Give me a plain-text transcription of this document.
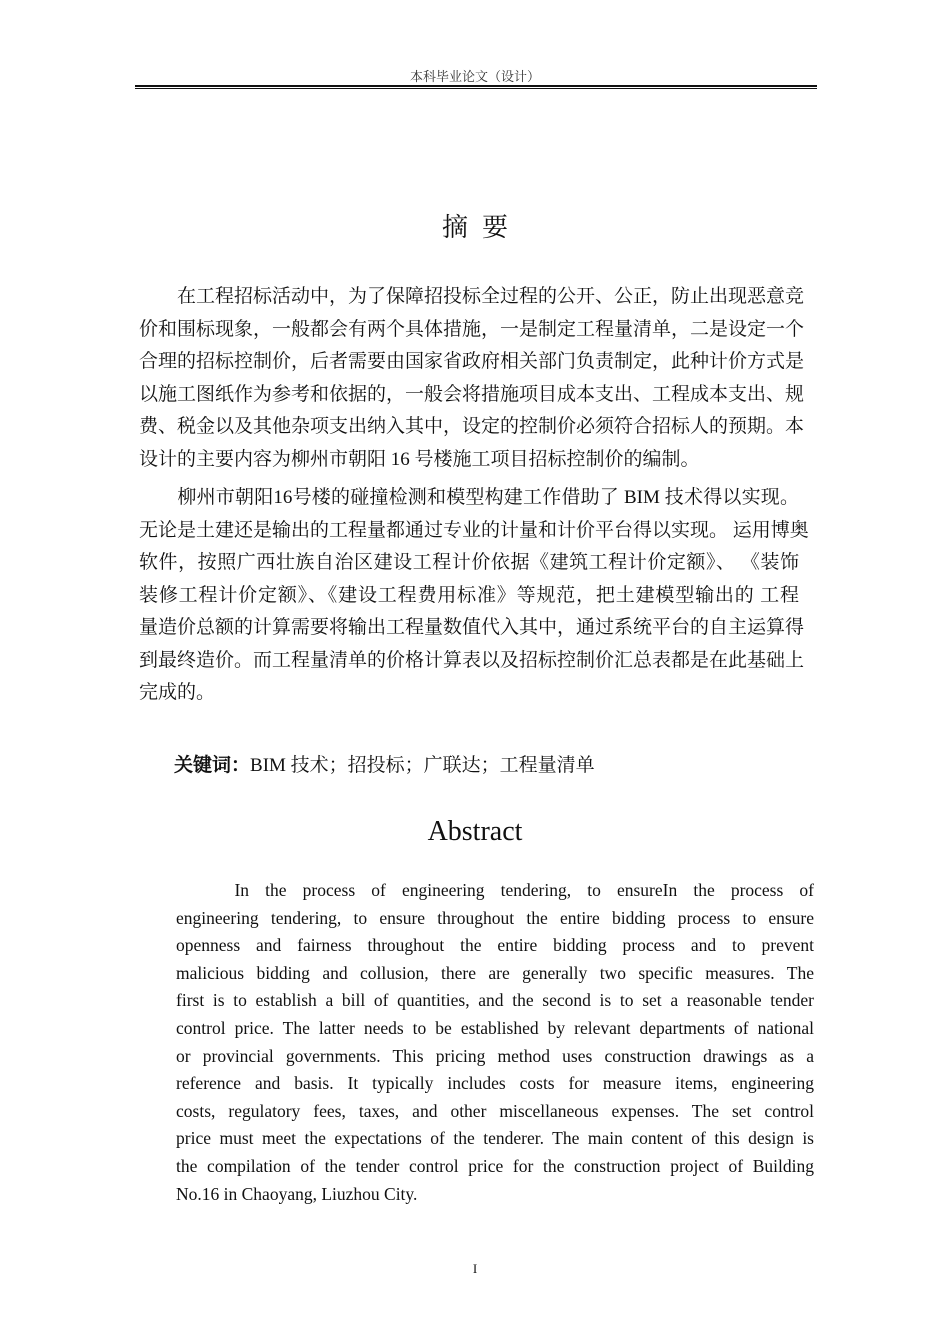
本科毕业论文（设计）
摘要
　　在工程招标活动中，为了保障招投标全过程的公开、公正，防止出现恶意竞
价和围标现象，一般都会有两个具体措施，一是制定工程量清单，二是设定一个
合理的招标控制价，后者需要由国家省政府相关部门负责制定，此种计价方式是
以施工图纸作为参考和依据的，一般会将措施项目成本支出、工程成本支出、规
费、税金以及其他杂项支出纳入其中，设定的控制价必须符合招标人的预期。本
设计的主要内容为柳州市朝阳 16 号楼施工项目招标控制价的编制。
　　柳州市朝阳16号楼的碰撞检测和模型构建工作借助了 BIM 技术得以实现。
无论是土建还是输出的工程量都通过专业的计量和计价平台得以实现。 运用博奥
软件，按照广西壮族自治区建设工程计价依据《建筑工程计价定额》、 《装饰
装修工程计价定额》、《建设工程费用标准》等规范，把土建模型输出的 工程
量造价总额的计算需要将输出工程量数值代入其中，通过系统平台的自主运算得
到最终造价。而工程量清单的价格计算表以及招标控制价汇总表都是在此基础上
完成的。
关键词：BIM 技术；招投标；广联达；工程量清单
Abstract
　　In the process of engineering tendering, to ensureIn the process of
engineering tendering, to ensure throughout the entire bidding process to ensure
openness and fairness throughout the entire bidding process and to prevent
malicious bidding and collusion, there are generally two specific measures. The
first is to establish a bill of quantities, and the second is to set a reasonable tender
control price. The latter needs to be established by relevant departments of national
or provincial governments. This pricing method uses construction drawings as a
reference and basis. It typically includes costs for measure items, engineering
costs, regulatory fees, taxes, and other miscellaneous expenses. The set control
price must meet the expectations of the tenderer. The main content of this design is
the compilation of the tender control price for the construction project of Building
No.16 in Chaoyang, Liuzhou City.
I
